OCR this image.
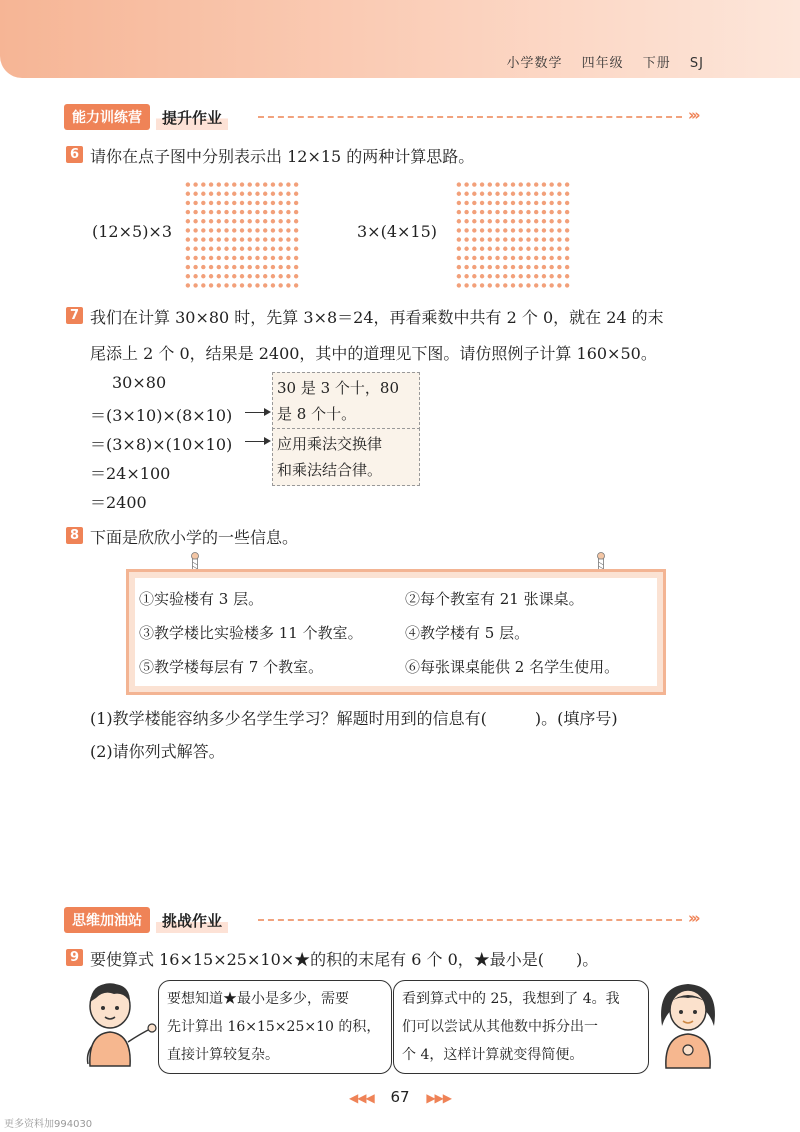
小学数学 四年级 下册 SJ
能力训练营	提升作业	›››
6 请你在点子图中分别表示出 12×15 的两种计算思路。
(12×5)×3	3×(4×15)
7 我们在计算 30×80 时，先算 3×8＝24，再看乘数中共有 2 个 0，就在 24 的末
尾添上 2 个 0，结果是 2400，其中的道理见下图。请仿照例子计算 160×50。
30×80
＝(3×10)×(8×10)
＝(3×8)×(10×10)
＝24×100
＝2400
30 是 3 个十，80
是 8 个十。
应用乘法交换律
和乘法结合律。
8 下面是欣欣小学的一些信息。
①实验楼有 3 层。	②每个教室有 21 张课桌。
③教学楼比实验楼多 11 个教室。	④教学楼有 5 层。
⑤教学楼每层有 7 个教室。	⑥每张课桌能供 2 名学生使用。
(1)教学楼能容纳多少名学生学习？解题时用到的信息有(　　　)。(填序号)
(2)请你列式解答。
思维加油站	挑战作业	›››
9 要使算式 16×15×25×10×★的积的末尾有 6 个 0，★最小是(　　)。
要想知道★最小是多少，需要
先计算出 16×15×25×10 的积，
直接计算较复杂。
看到算式中的 25，我想到了 4。我
们可以尝试从其他数中拆分出一
个 4，这样计算就变得简便。
◀◀◀ 67 ▶▶▶
更多资料加994030
